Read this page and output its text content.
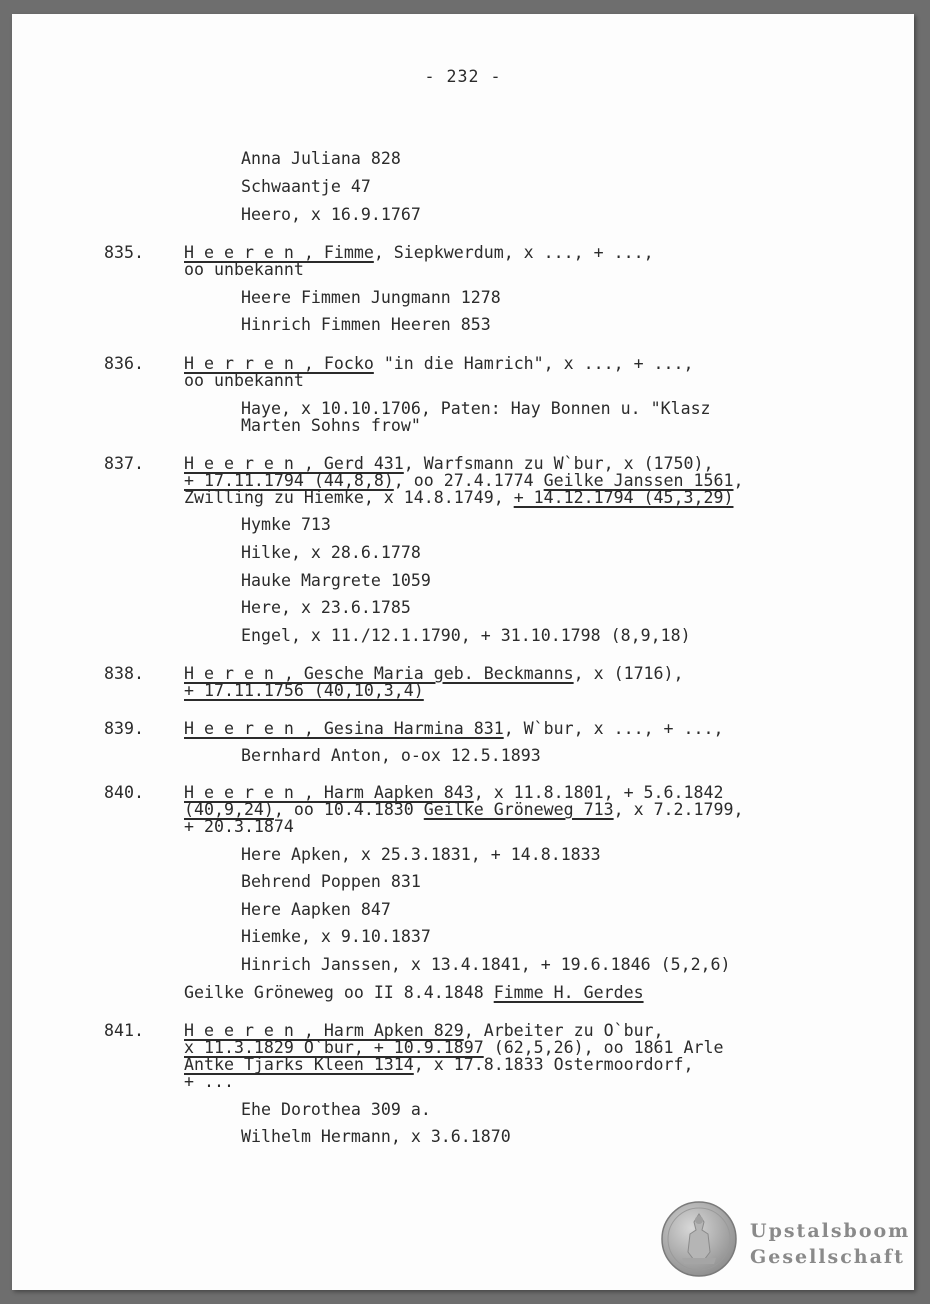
- 232 -
Anna Juliana 828
Schwaantje 47
Heero, x 16.9.1767
835. H e e r e n , Fimme, Siepkwerdum, x ..., + ...,
oo unbekannt
Heere Fimmen Jungmann 1278
Hinrich Fimmen Heeren 853
836. H e r r e n , Focko "in die Hamrich", x ..., + ...,
oo unbekannt
Haye, x 10.10.1706, Paten: Hay Bonnen u. "Klasz
Marten Sohns frow"
837. H e e r e n , Gerd 431, Warfsmann zu W`bur, x (1750),
+ 17.11.1794 (44,8,8), oo 27.4.1774 Geilke Janssen 1561,
Zwilling zu Hiemke, x 14.8.1749, + 14.12.1794 (45,3,29)
Hymke 713
Hilke, x 28.6.1778
Hauke Margrete 1059
Here, x 23.6.1785
Engel, x 11./12.1.1790, + 31.10.1798 (8,9,18)
838. H e r e n , Gesche Maria geb. Beckmanns, x (1716),
+ 17.11.1756 (40,10,3,4)
839. H e e r e n , Gesina Harmina 831, W`bur, x ..., + ...,
Bernhard Anton, o-ox 12.5.1893
840. H e e r e n , Harm Aapken 843, x 11.8.1801, + 5.6.1842
(40,9,24), oo 10.4.1830 Geilke Gröneweg 713, x 7.2.1799,
+ 20.3.1874
Here Apken, x 25.3.1831, + 14.8.1833
Behrend Poppen 831
Here Aapken 847
Hiemke, x 9.10.1837
Hinrich Janssen, x 13.4.1841, + 19.6.1846 (5,2,6)
Geilke Gröneweg oo II 8.4.1848 Fimme H. Gerdes
841. H e e r e n , Harm Apken 829, Arbeiter zu O`bur,
x 11.3.1829 O`bur, + 10.9.1897 (62,5,26), oo 1861 Arle
Antke Tjarks Kleen 1314, x 17.8.1833 Ostermoordorf,
+ ...
Ehe Dorothea 309 a.
Wilhelm Hermann, x 3.6.1870
Upstalsboom
Gesellschaft
